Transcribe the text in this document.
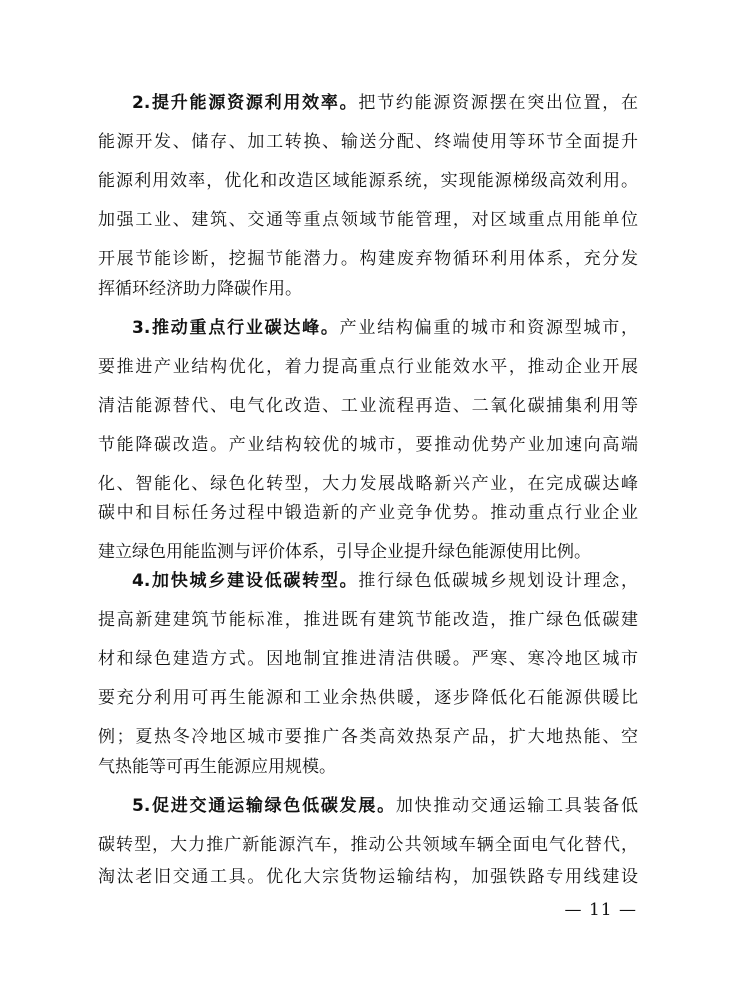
2.提升能源资源利用效率。把节约能源资源摆在突出位置，在
能源开发、储存、加工转换、输送分配、终端使用等环节全面提升
能源利用效率，优化和改造区域能源系统，实现能源梯级高效利用。
加强工业、建筑、交通等重点领域节能管理，对区域重点用能单位
开展节能诊断，挖掘节能潜力。构建废弃物循环利用体系，充分发
挥循环经济助力降碳作用。
3.推动重点行业碳达峰。产业结构偏重的城市和资源型城市，
要推进产业结构优化，着力提高重点行业能效水平，推动企业开展
清洁能源替代、电气化改造、工业流程再造、二氧化碳捕集利用等
节能降碳改造。产业结构较优的城市，要推动优势产业加速向高端
化、智能化、绿色化转型，大力发展战略新兴产业，在完成碳达峰
碳中和目标任务过程中锻造新的产业竞争优势。推动重点行业企业
建立绿色用能监测与评价体系，引导企业提升绿色能源使用比例。
4.加快城乡建设低碳转型。推行绿色低碳城乡规划设计理念，
提高新建建筑节能标准，推进既有建筑节能改造，推广绿色低碳建
材和绿色建造方式。因地制宜推进清洁供暖。严寒、寒冷地区城市
要充分利用可再生能源和工业余热供暖，逐步降低化石能源供暖比
例；夏热冬冷地区城市要推广各类高效热泵产品，扩大地热能、空
气热能等可再生能源应用规模。
5.促进交通运输绿色低碳发展。加快推动交通运输工具装备低
碳转型，大力推广新能源汽车，推动公共领域车辆全面电气化替代，
淘汰老旧交通工具。优化大宗货物运输结构，加强铁路专用线建设
— 11 —
